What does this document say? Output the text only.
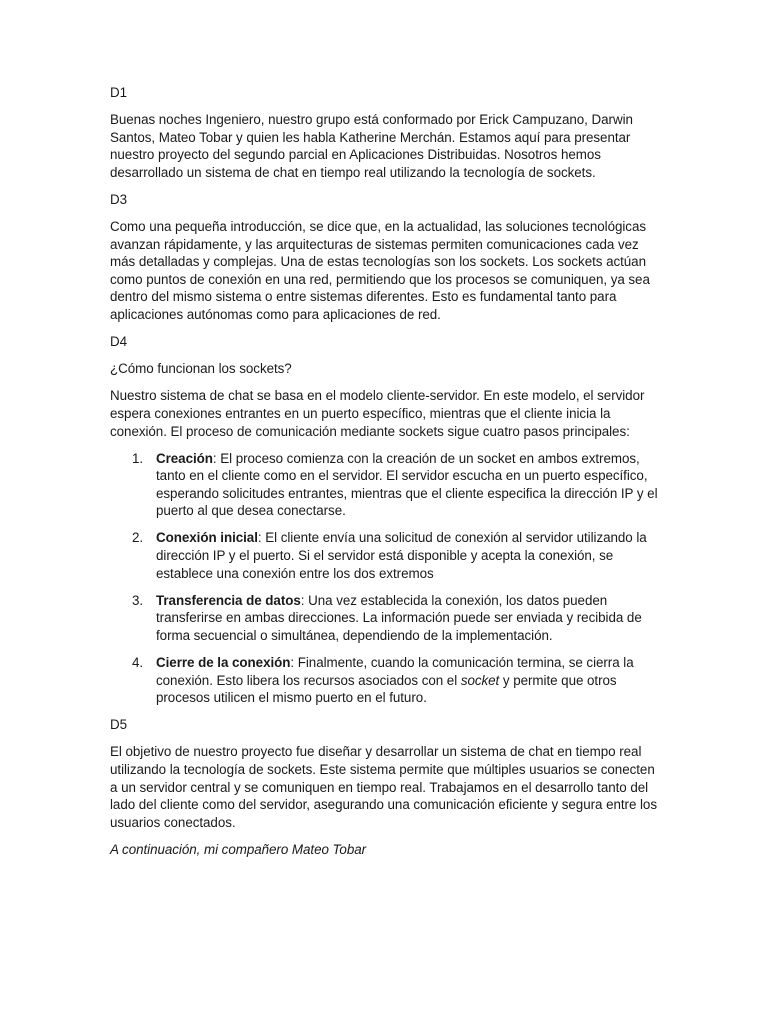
D1

Buenas noches Ingeniero, nuestro grupo está conformado por Erick Campuzano, Darwin Santos, Mateo Tobar y quien les habla Katherine Merchán. Estamos aquí para presentar nuestro proyecto del segundo parcial en Aplicaciones Distribuidas. Nosotros hemos desarrollado un sistema de chat en tiempo real utilizando la tecnología de sockets.

D3

Como una pequeña introducción, se dice que, en la actualidad, las soluciones tecnológicas avanzan rápidamente, y las arquitecturas de sistemas permiten comunicaciones cada vez más detalladas y complejas. Una de estas tecnologías son los sockets. Los sockets actúan como puntos de conexión en una red, permitiendo que los procesos se comuniquen, ya sea dentro del mismo sistema o entre sistemas diferentes. Esto es fundamental tanto para aplicaciones autónomas como para aplicaciones de red.

D4

¿Cómo funcionan los sockets?

Nuestro sistema de chat se basa en el modelo cliente-servidor. En este modelo, el servidor espera conexiones entrantes en un puerto específico, mientras que el cliente inicia la conexión. El proceso de comunicación mediante sockets sigue cuatro pasos principales:

1. Creación: El proceso comienza con la creación de un socket en ambos extremos, tanto en el cliente como en el servidor. El servidor escucha en un puerto específico, esperando solicitudes entrantes, mientras que el cliente especifica la dirección IP y el puerto al que desea conectarse.
2. Conexión inicial: El cliente envía una solicitud de conexión al servidor utilizando la dirección IP y el puerto. Si el servidor está disponible y acepta la conexión, se establece una conexión entre los dos extremos
3. Transferencia de datos: Una vez establecida la conexión, los datos pueden transferirse en ambas direcciones. La información puede ser enviada y recibida de forma secuencial o simultánea, dependiendo de la implementación.
4. Cierre de la conexión: Finalmente, cuando la comunicación termina, se cierra la conexión. Esto libera los recursos asociados con el socket y permite que otros procesos utilicen el mismo puerto en el futuro.

D5

El objetivo de nuestro proyecto fue diseñar y desarrollar un sistema de chat en tiempo real utilizando la tecnología de sockets. Este sistema permite que múltiples usuarios se conecten a un servidor central y se comuniquen en tiempo real. Trabajamos en el desarrollo tanto del lado del cliente como del servidor, asegurando una comunicación eficiente y segura entre los usuarios conectados.

A continuación, mi compañero Mateo Tobar
